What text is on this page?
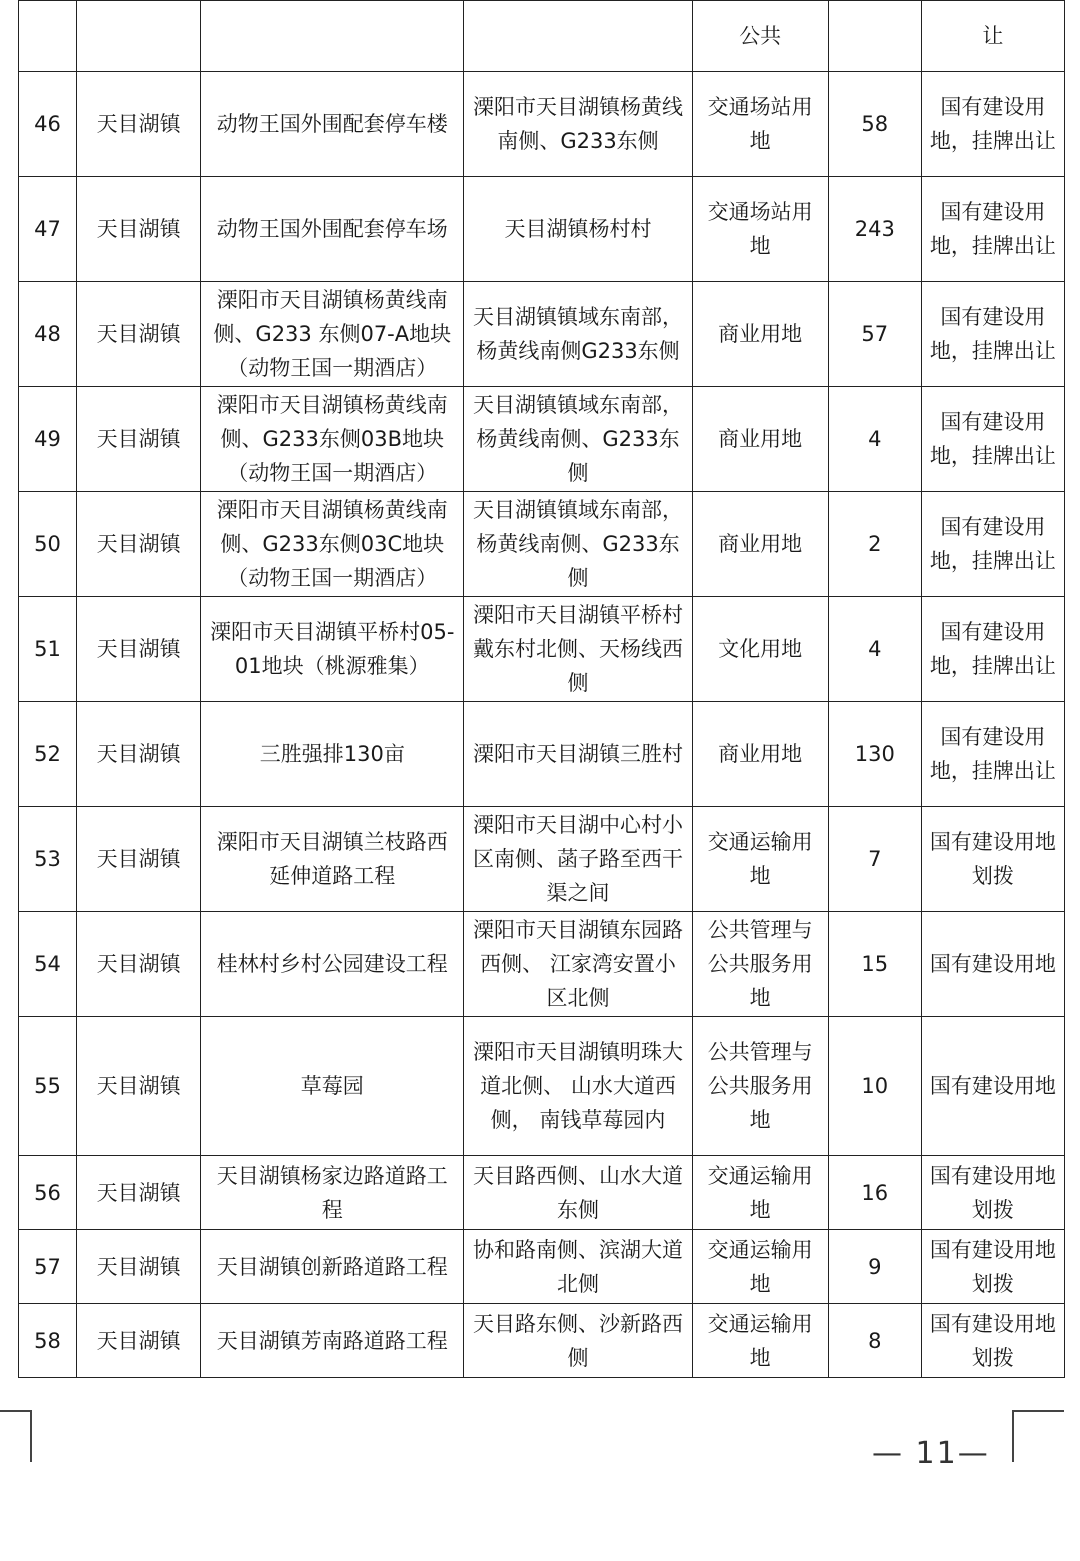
				公共		让
46	天目湖镇	动物王国外围配套停车楼	溧阳市天目湖镇杨黄线南侧、G233东侧	交通场站用地	58	国有建设用地，挂牌出让
47	天目湖镇	动物王国外围配套停车场	天目湖镇杨村村	交通场站用地	243	国有建设用地，挂牌出让
48	天目湖镇	溧阳市天目湖镇杨黄线南侧、G233 东侧07-A地块（动物王国一期酒店）	天目湖镇镇域东南部，杨黄线南侧G233东侧	商业用地	57	国有建设用地，挂牌出让
49	天目湖镇	溧阳市天目湖镇杨黄线南侧、G233东侧03B地块（动物王国一期酒店）	天目湖镇镇域东南部，杨黄线南侧、G233东侧	商业用地	4	国有建设用地，挂牌出让
50	天目湖镇	溧阳市天目湖镇杨黄线南侧、G233东侧03C地块（动物王国一期酒店）	天目湖镇镇域东南部，杨黄线南侧、G233东侧	商业用地	2	国有建设用地，挂牌出让
51	天目湖镇	溧阳市天目湖镇平桥村05-01地块（桃源雅集）	溧阳市天目湖镇平桥村戴东村北侧、天杨线西侧	文化用地	4	国有建设用地，挂牌出让
52	天目湖镇	三胜强排130亩	溧阳市天目湖镇三胜村	商业用地	130	国有建设用地，挂牌出让
53	天目湖镇	溧阳市天目湖镇兰枝路西延伸道路工程	溧阳市天目湖中心村小区南侧、菡子路至西干渠之间	交通运输用地	7	国有建设用地划拨
54	天目湖镇	桂林村乡村公园建设工程	溧阳市天目湖镇东园路西侧、 江家湾安置小区北侧	公共管理与公共服务用地	15	国有建设用地
55	天目湖镇	草莓园	溧阳市天目湖镇明珠大道北侧、 山水大道西侧， 南钱草莓园内	公共管理与公共服务用地	10	国有建设用地
56	天目湖镇	天目湖镇杨家边路道路工程	天目路西侧、山水大道东侧	交通运输用地	16	国有建设用地划拨
57	天目湖镇	天目湖镇创新路道路工程	协和路南侧、滨湖大道北侧	交通运输用地	9	国有建设用地划拨
58	天目湖镇	天目湖镇芳南路道路工程	天目路东侧、沙新路西侧	交通运输用地	8	国有建设用地划拨
— 11—
